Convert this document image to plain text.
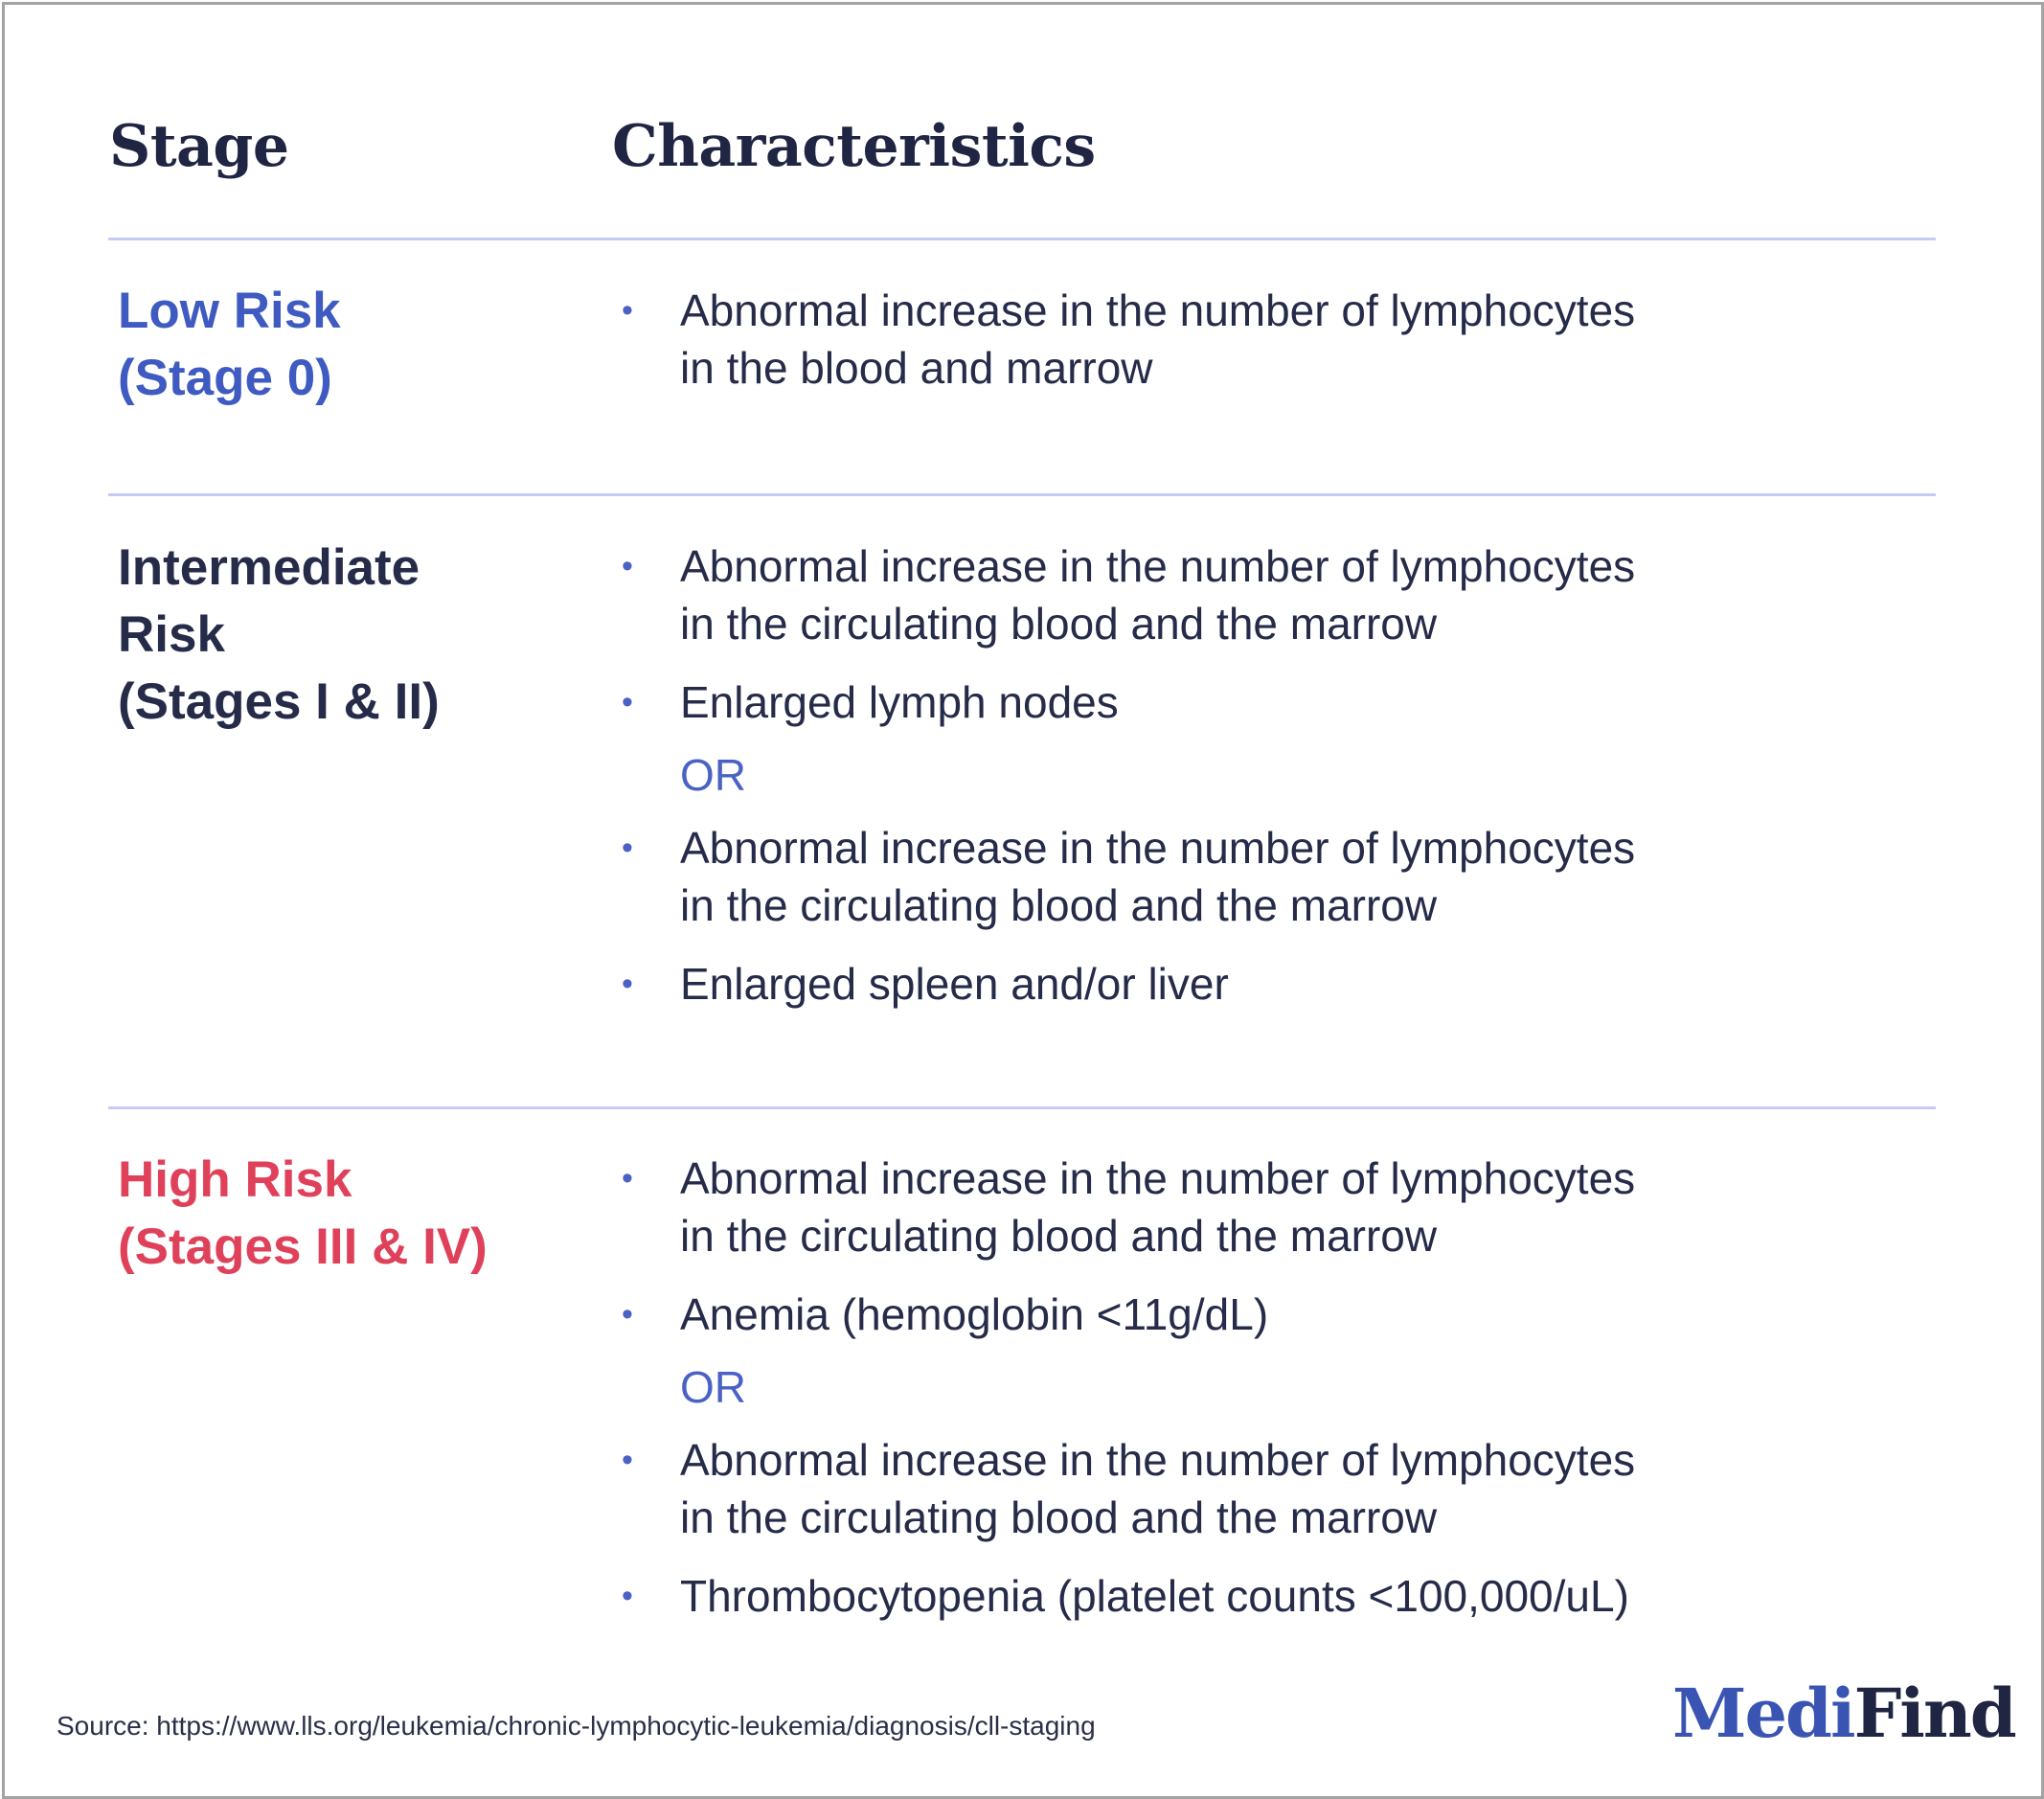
Stage	Characteristics

Low Risk
(Stage 0)

• Abnormal increase in the number of lymphocytes
in the blood and marrow

Intermediate
Risk
(Stages I & II)

• Abnormal increase in the number of lymphocytes
in the circulating blood and the marrow
• Enlarged lymph nodes
OR
• Abnormal increase in the number of lymphocytes
in the circulating blood and the marrow
• Enlarged spleen and/or liver

High Risk
(Stages III & IV)

• Abnormal increase in the number of lymphocytes
in the circulating blood and the marrow
• Anemia (hemoglobin <11g/dL)
OR
• Abnormal increase in the number of lymphocytes
in the circulating blood and the marrow
• Thrombocytopenia (platelet counts <100,000/uL)

Source: https://www.lls.org/leukemia/chronic-lymphocytic-leukemia/diagnosis/cll-staging	MediFind
